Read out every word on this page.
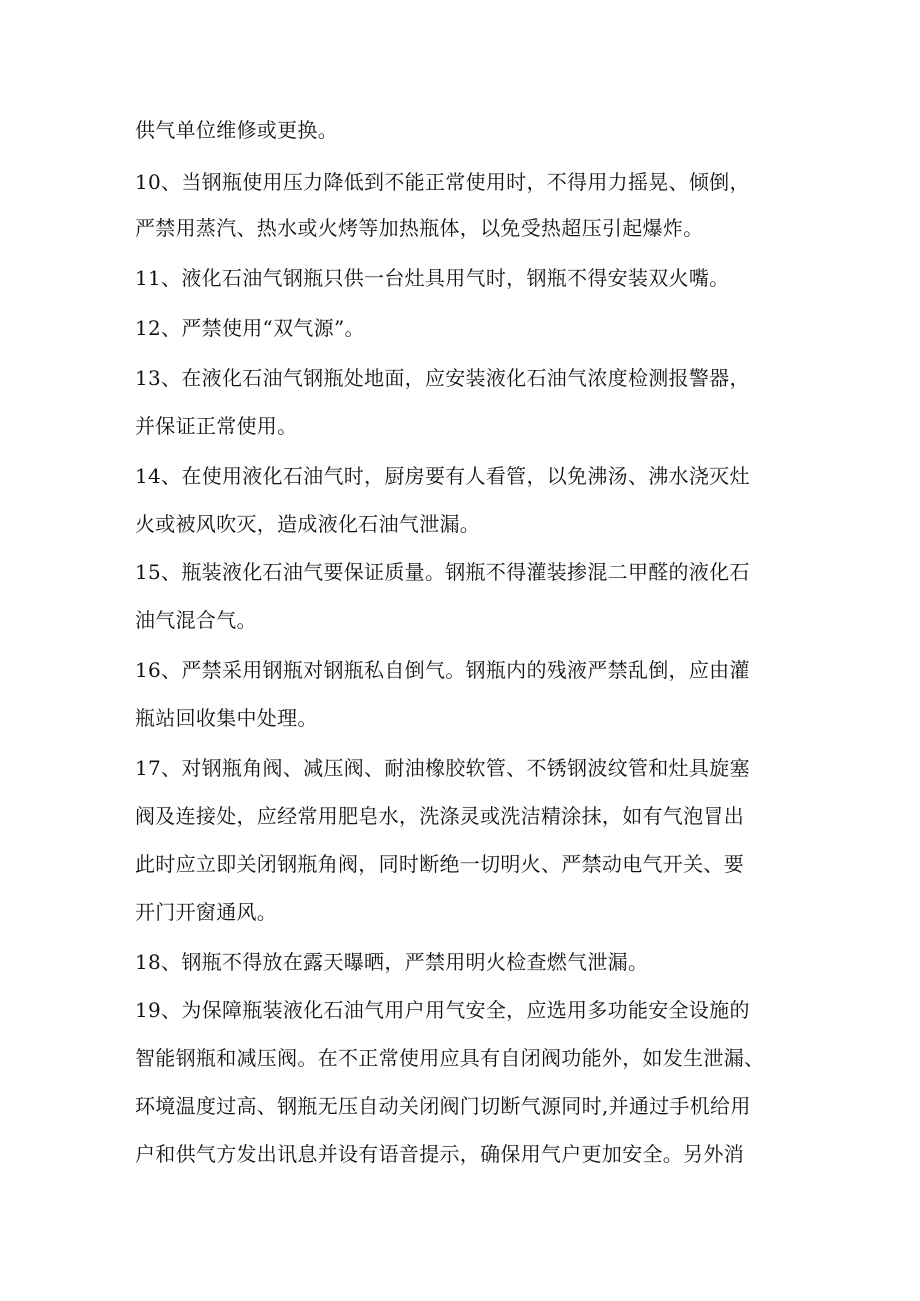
供气单位维修或更换。
10、当钢瓶使用压力降低到不能正常使用时，不得用力摇晃、倾倒，
严禁用蒸汽、热水或火烤等加热瓶体，以免受热超压引起爆炸。
11、液化石油气钢瓶只供一台灶具用气时，钢瓶不得安装双火嘴。
12、严禁使用“双气源”。
13、在液化石油气钢瓶处地面，应安装液化石油气浓度检测报警器，
并保证正常使用。
14、在使用液化石油气时，厨房要有人看管，以免沸汤、沸水浇灭灶
火或被风吹灭，造成液化石油气泄漏。
15、瓶装液化石油气要保证质量。钢瓶不得灌装掺混二甲醛的液化石
油气混合气。
16、严禁采用钢瓶对钢瓶私自倒气。钢瓶内的残液严禁乱倒，应由灌
瓶站回收集中处理。
17、对钢瓶角阀、减压阀、耐油橡胶软管、不锈钢波纹管和灶具旋塞
阀及连接处，应经常用肥皂水，洗涤灵或洗洁精涂抹，如有气泡冒出
此时应立即关闭钢瓶角阀，同时断绝一切明火、严禁动电气开关、要
开门开窗通风。
18、钢瓶不得放在露天曝晒，严禁用明火检查燃气泄漏。
19、为保障瓶装液化石油气用户用气安全，应选用多功能安全设施的
智能钢瓶和减压阀。在不正常使用应具有自闭阀功能外，如发生泄漏、
环境温度过高、钢瓶无压自动关闭阀门切断气源同时,并通过手机给用
户和供气方发出讯息并设有语音提示，确保用气户更加安全。另外消
